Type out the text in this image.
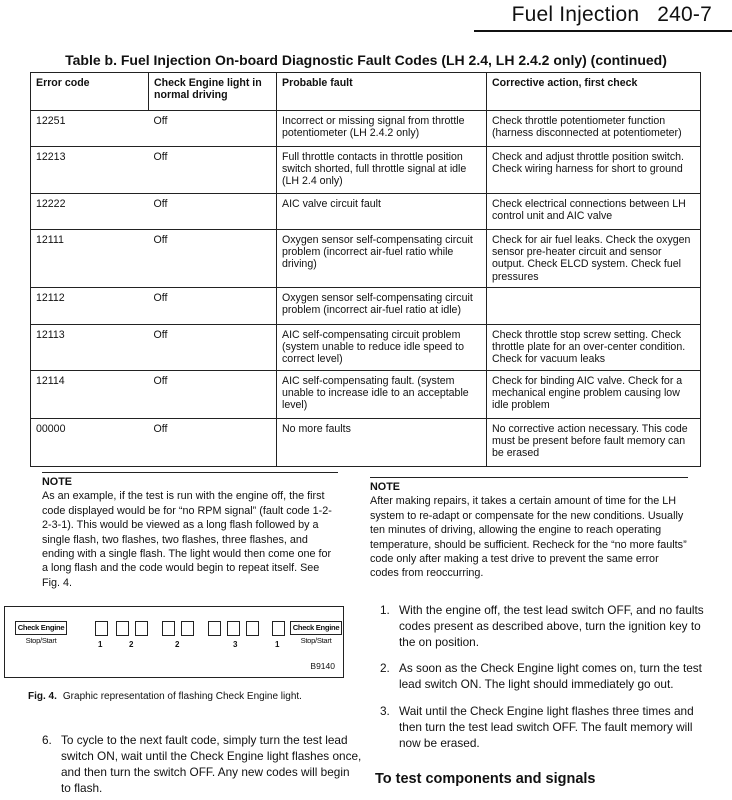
Fuel Injection 240-7
Table b. Fuel Injection On-board Diagnostic Fault Codes (LH 2.4, LH 2.4.2 only) (continued)
Error code	Check Engine light in normal driving	Probable fault	Corrective action, first check
12251	Off	Incorrect or missing signal from throttle potentiometer (LH 2.4.2 only)	Check throttle potentiometer function (harness disconnected at potentiometer)
12213	Off	Full throttle contacts in throttle position switch shorted, full throttle signal at idle (LH 2.4 only)	Check and adjust throttle position switch. Check wiring harness for short to ground
12222	Off	AIC valve circuit fault	Check electrical connections between LH control unit and AIC valve
12111	Off	Oxygen sensor self-compensating circuit problem (incorrect air-fuel ratio while driving)	Check for air fuel leaks. Check the oxygen sensor pre-heater circuit and sensor output. Check ELCD system. Check fuel pressures
12112	Off	Oxygen sensor self-compensating circuit problem (incorrect air-fuel ratio at idle)	
12113	Off	AIC self-compensating circuit problem (system unable to reduce idle speed to correct level)	Check throttle stop screw setting. Check throttle plate for an over-center condition. Check for vacuum leaks
12114	Off	AIC self-compensating fault. (system unable to increase idle to an acceptable level)	Check for binding AIC valve. Check for a mechanical engine problem causing low idle problem
00000	Off	No more faults	No corrective action necessary. This code must be present before fault memory can be erased
NOTE
As an example, if the test is run with the engine off, the first code displayed would be for “no RPM signal” (fault code 1-2-2-3-1). This would be viewed as a long flash followed by a single flash, two flashes, two flashes, three flashes, and ending with a single flash. The light would then come one for a long flash and the code would begin to repeat itself. See Fig. 4.
NOTE
After making repairs, it takes a certain amount of time for the LH system to re-adapt or compensate for the new conditions. Usually ten minutes of driving, allowing the engine to reach operating temperature, should be sufficient. Recheck for the “no more faults” code only after making a test drive to prevent the same error codes from reoccurring.
Check Engine
Stop/Start	1	2	2	3	1
Check Engine
Stop/Start
B9140
Fig. 4. Graphic representation of flashing Check Engine light.
6. To cycle to the next fault code, simply turn the test lead switch ON, wait until the Check Engine light flashes once, and then turn the switch OFF. Any new codes will begin to flash.
1. With the engine off, the test lead switch OFF, and no faults codes present as described above, turn the ignition key to the on position.
2. As soon as the Check Engine light comes on, turn the test lead switch ON. The light should immediately go out.
3. Wait until the Check Engine light flashes three times and then turn the test lead switch OFF. The fault memory will now be erased.
To test components and signals
